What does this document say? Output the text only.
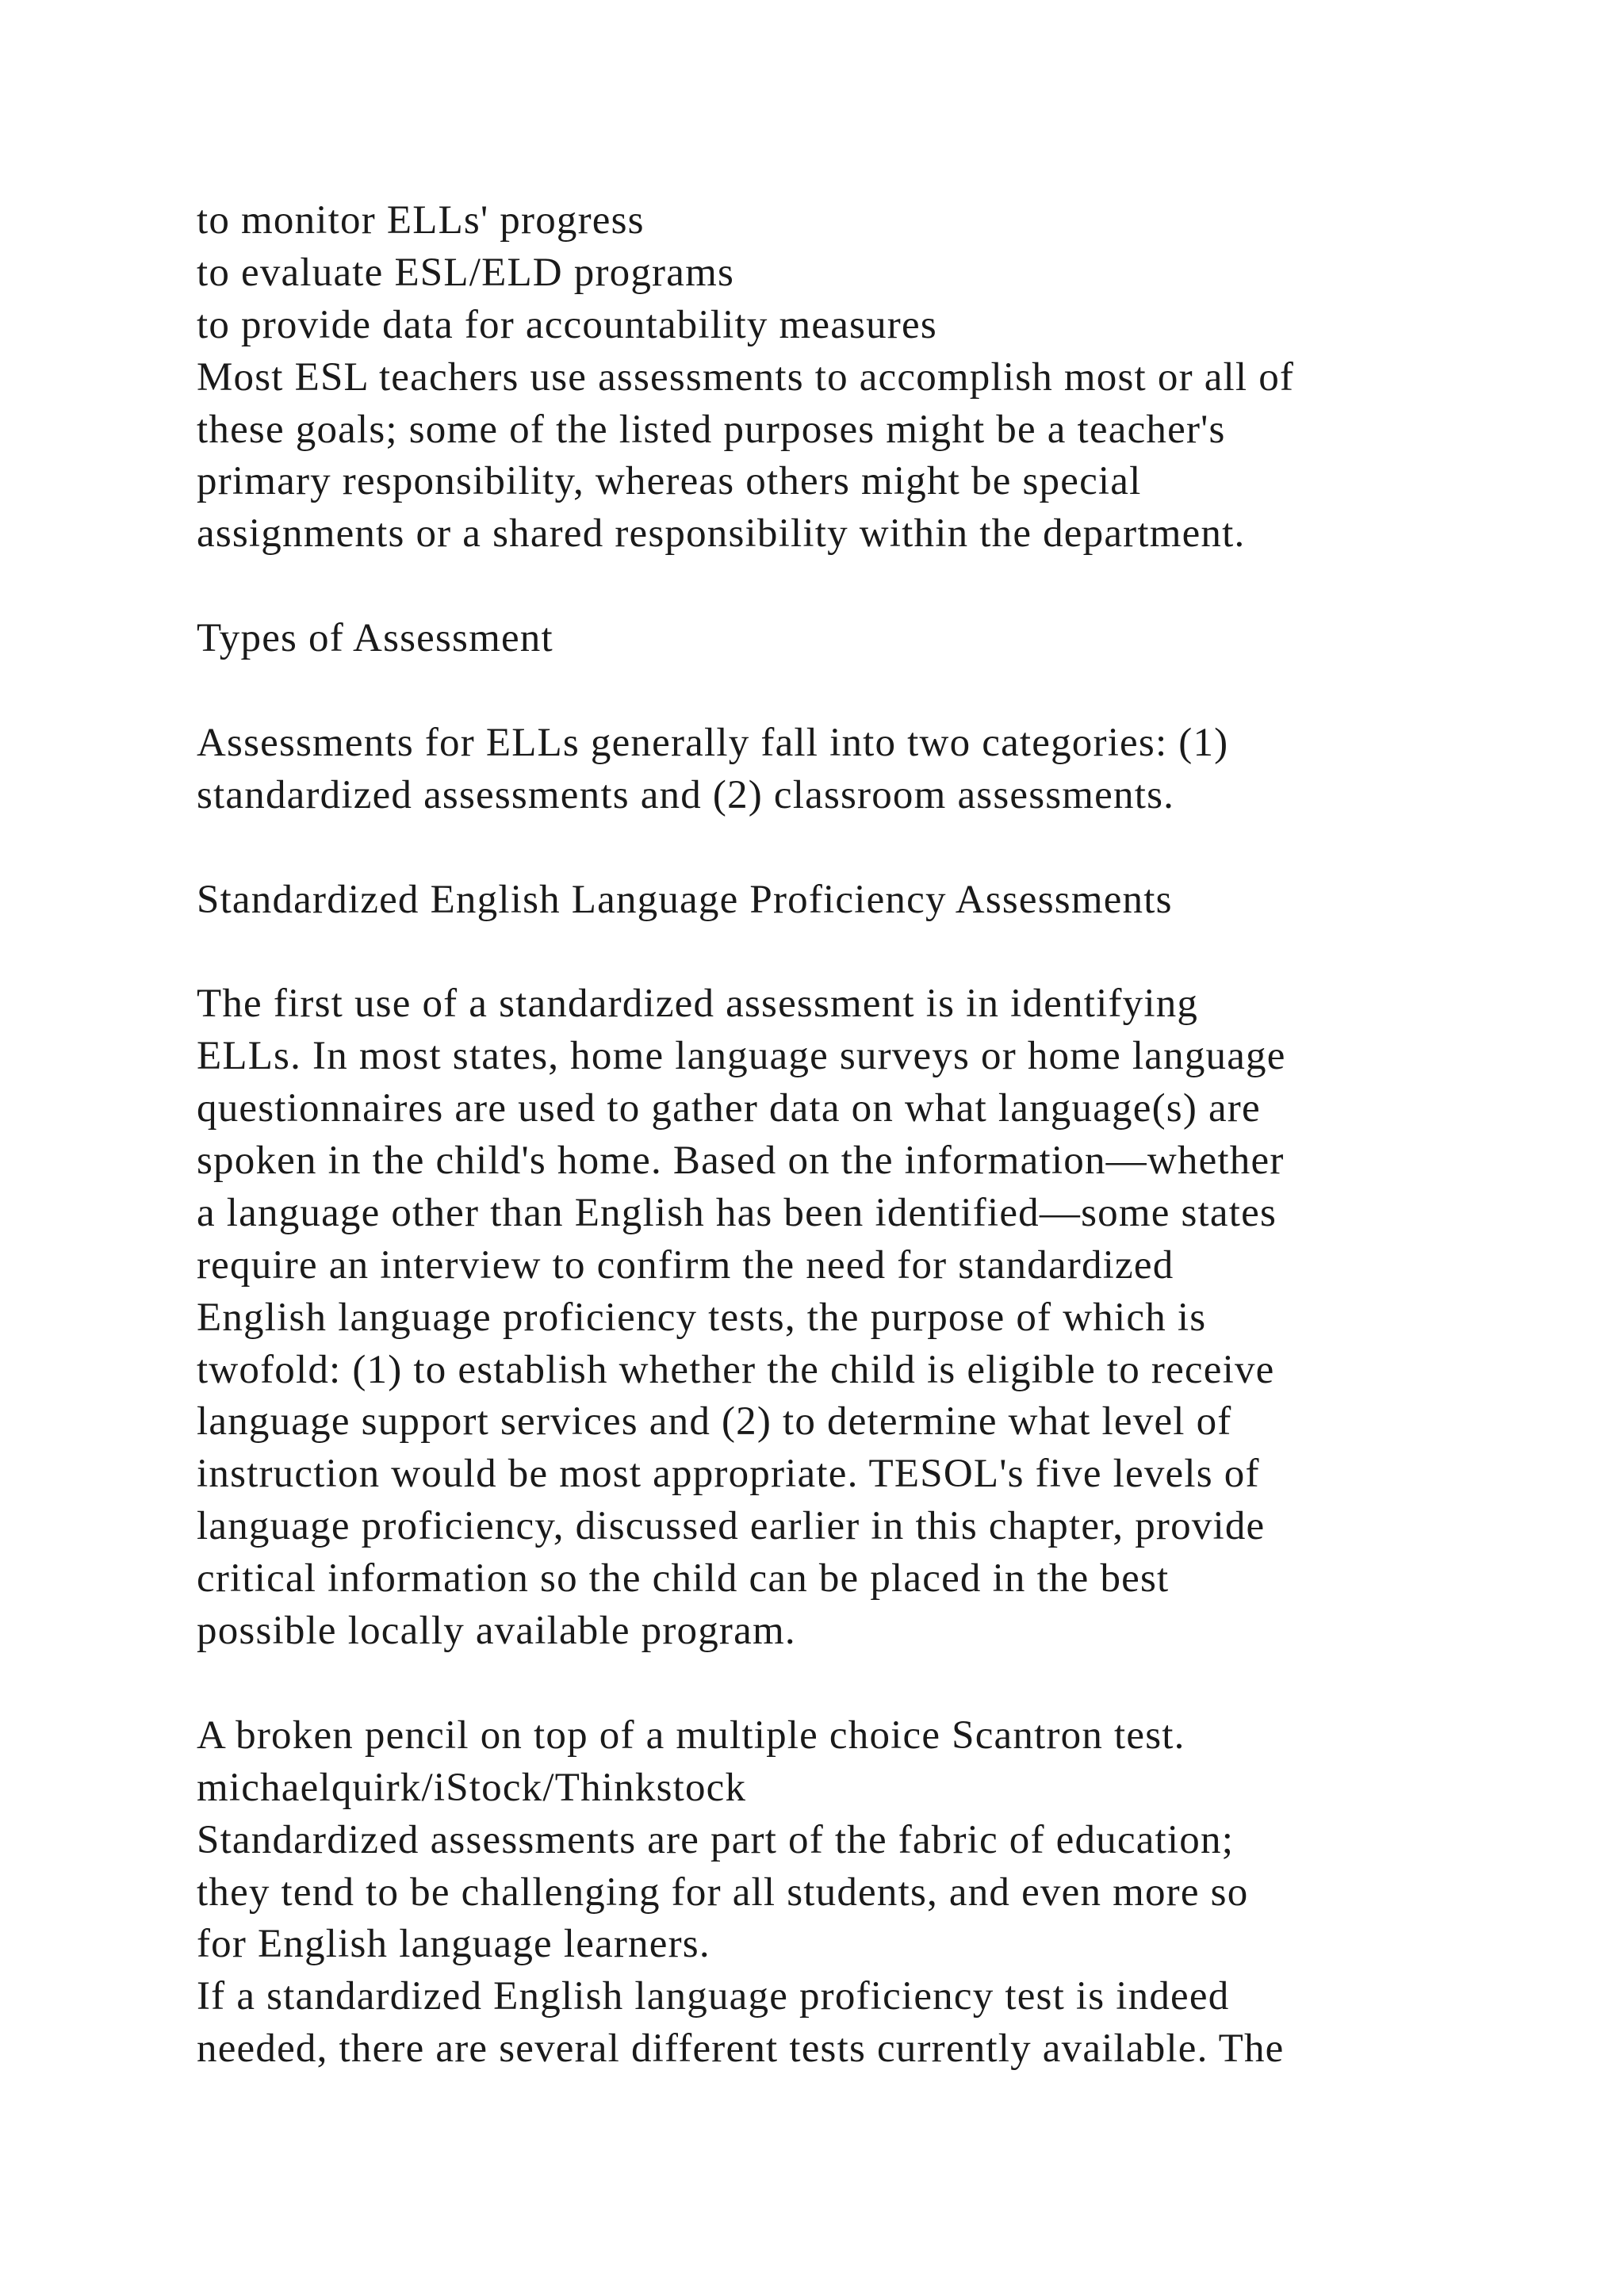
to monitor ELLs' progress
to evaluate ESL/ELD programs
to provide data for accountability measures
Most ESL teachers use assessments to accomplish most or all of
these goals; some of the listed purposes might be a teacher's
primary responsibility, whereas others might be special
assignments or a shared responsibility within the department.
Types of Assessment
Assessments for ELLs generally fall into two categories: (1)
standardized assessments and (2) classroom assessments.
Standardized English Language Proficiency Assessments
The first use of a standardized assessment is in identifying
ELLs. In most states, home language surveys or home language
questionnaires are used to gather data on what language(s) are
spoken in the child's home. Based on the information—whether
a language other than English has been identified—some states
require an interview to confirm the need for standardized
English language proficiency tests, the purpose of which is
twofold: (1) to establish whether the child is eligible to receive
language support services and (2) to determine what level of
instruction would be most appropriate. TESOL's five levels of
language proficiency, discussed earlier in this chapter, provide
critical information so the child can be placed in the best
possible locally available program.
A broken pencil on top of a multiple choice Scantron test.
michaelquirk/iStock/Thinkstock
Standardized assessments are part of the fabric of education;
they tend to be challenging for all students, and even more so
for English language learners.
If a standardized English language proficiency test is indeed
needed, there are several different tests currently available. The
